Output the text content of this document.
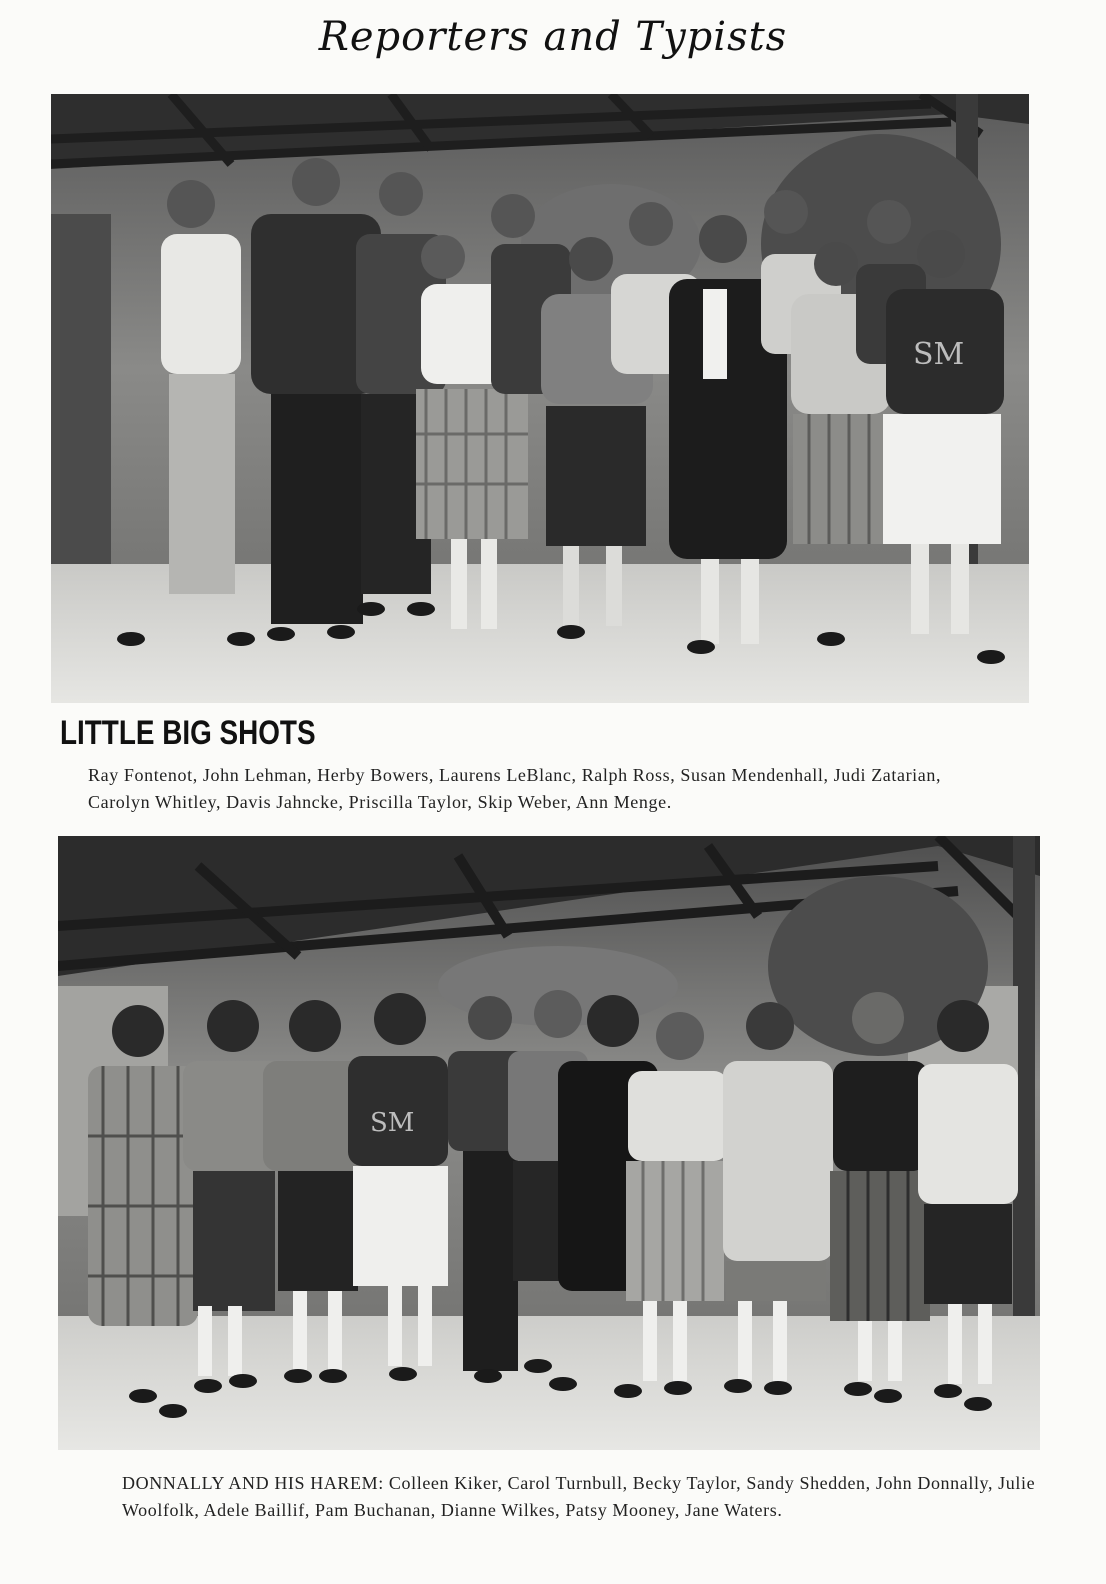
Reporters and Typists
SM
LITTLE BIG SHOTS
Ray Fontenot, John Lehman, Herby Bowers, Laurens LeBlanc, Ralph Ross, Susan Mendenhall, Judi Zatarian, Carolyn Whitley, Davis Jahncke, Priscilla Taylor, Skip Weber, Ann Menge.
SM
DONNALLY AND HIS HAREM: Colleen Kiker, Carol Turnbull, Becky Taylor, Sandy Shedden, John Donnally, Julie Woolfolk, Adele Baillif, Pam Buchanan, Dianne Wilkes, Patsy Mooney, Jane Waters.
